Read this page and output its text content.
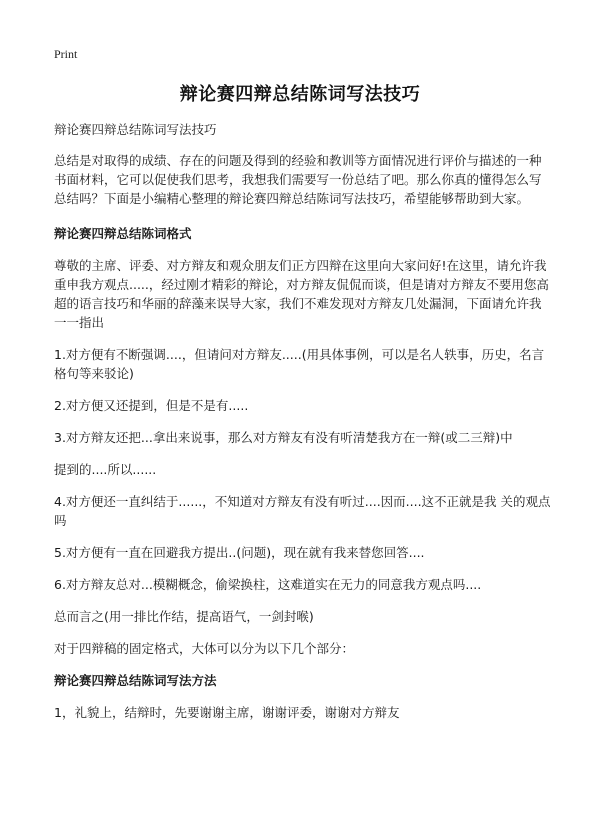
Print
辩论赛四辩总结陈词写法技巧

辩论赛四辩总结陈词写法技巧

总结是对取得的成绩、存在的问题及得到的经验和教训等方面情况进行评价与描述的一种书面材料，它可以促使我们思考，我想我们需要写一份总结了吧。那么你真的懂得怎么写总结吗？下面是小编精心整理的辩论赛四辩总结陈词写法技巧，希望能够帮助到大家。

辩论赛四辩总结陈词格式

尊敬的主席、评委、对方辩友和观众朋友们正方四辩在这里向大家问好!在这里，请允许我重申我方观点.....，经过刚才精彩的辩论，对方辩友侃侃而谈，但是请对方辩友不要用您高超的语言技巧和华丽的辞藻来误导大家，我们不难发现对方辩友几处漏洞，下面请允许我一一指出

1.对方便有不断强调....，但请问对方辩友.....(用具体事例，可以是名人轶事，历史，名言格句等来驳论)

2.对方便又还提到，但是不是有.....

3.对方辩友还把...拿出来说事，那么对方辩友有没有听清楚我方在一辩(或二三辩)中

提到的....所以......

4.对方便还一直纠结于......，不知道对方辩友有没有听过....因而....这不正就是我 关的观点吗

5.对方便有一直在回避我方提出..(问题)，现在就有我来替您回答....

6.对方辩友总对...模糊概念，偷梁换柱，这难道实在无力的同意我方观点吗....

总而言之(用一排比作结，提高语气，一剑封喉)

对于四辩稿的固定格式，大体可以分为以下几个部分：

辩论赛四辩总结陈词写法方法

1，礼貌上，结辩时，先要谢谢主席，谢谢评委，谢谢对方辩友
